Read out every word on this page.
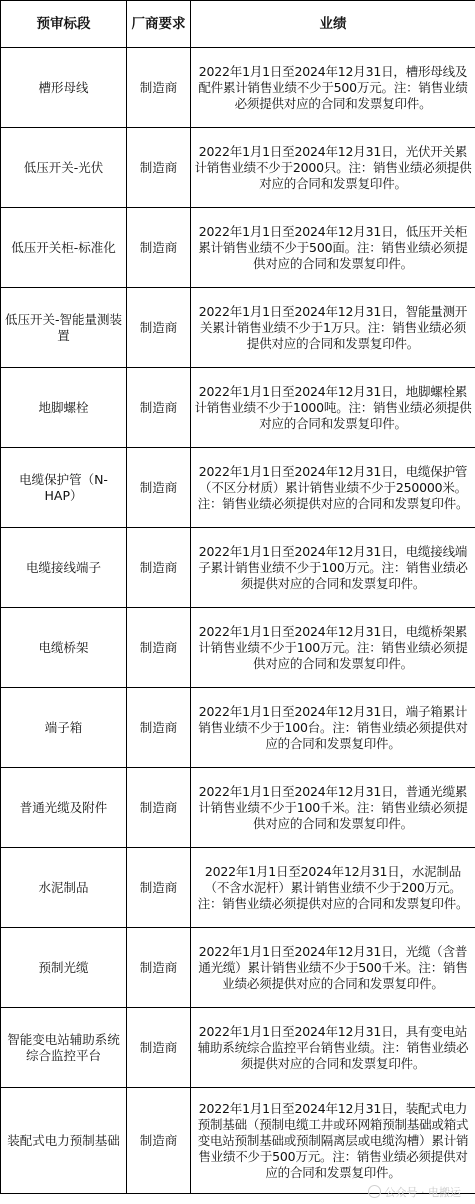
预审标段	厂商要求	业绩
槽形母线	制造商	2022年1月1日至2024年12月31日，槽形母线及配件累计销售业绩不少于500万元。注：销售业绩必须提供对应的合同和发票复印件。
低压开关-光伏	制造商	2022年1月1日至2024年12月31日，光伏开关累计销售业绩不少于2000只。注：销售业绩必须提供对应的合同和发票复印件。
低压开关柜-标准化	制造商	2022年1月1日至2024年12月31日，低压开关柜累计销售业绩不少于500面。注：销售业绩必须提供对应的合同和发票复印件。
低压开关-智能量测装置	制造商	2022年1月1日至2024年12月31日，智能量测开关累计销售业绩不少于1万只。注：销售业绩必须提供对应的合同和发票复印件。
地脚螺栓	制造商	2022年1月1日至2024年12月31日，地脚螺栓累计销售业绩不少于1000吨。注：销售业绩必须提供对应的合同和发票复印件。
电缆保护管（N-HAP）	制造商	2022年1月1日至2024年12月31日，电缆保护管（不区分材质）累计销售业绩不少于250000米。注：销售业绩必须提供对应的合同和发票复印件。
电缆接线端子	制造商	2022年1月1日至2024年12月31日，电缆接线端子累计销售业绩不少于100万元。注：销售业绩必须提供对应的合同和发票复印件。
电缆桥架	制造商	2022年1月1日至2024年12月31日，电缆桥架累计销售业绩不少于100万元。注：销售业绩必须提供对应的合同和发票复印件。
端子箱	制造商	2022年1月1日至2024年12月31日，端子箱累计销售业绩不少于100台。注：销售业绩必须提供对应的合同和发票复印件。
普通光缆及附件	制造商	2022年1月1日至2024年12月31日，普通光缆累计销售业绩不少于100千米。注：销售业绩必须提供对应的合同和发票复印件。
水泥制品	制造商	2022年1月1日至2024年12月31日，水泥制品（不含水泥杆）累计销售业绩不少于200万元。注：销售业绩必须提供对应的合同和发票复印件。
预制光缆	制造商	2022年1月1日至2024年12月31日，光缆（含普通光缆）累计销售业绩不少于500千米。注：销售业绩必须提供对应的合同和发票复印件。
智能变电站辅助系统综合监控平台	制造商	2022年1月1日至2024年12月31日，具有变电站辅助系统综合监控平台销售业绩。注：销售业绩必须提供对应的合同和发票复印件。
装配式电力预制基础	制造商	2022年1月1日至2024年12月31日，装配式电力预制基础（预制电缆工井或环网箱预制基础或箱式变电站预制基础或预制隔离层或电缆沟槽）累计销售业绩不少于500万元。注：销售业绩必须提供对应的合同和发票复印件。
公众号 · 电搬运
